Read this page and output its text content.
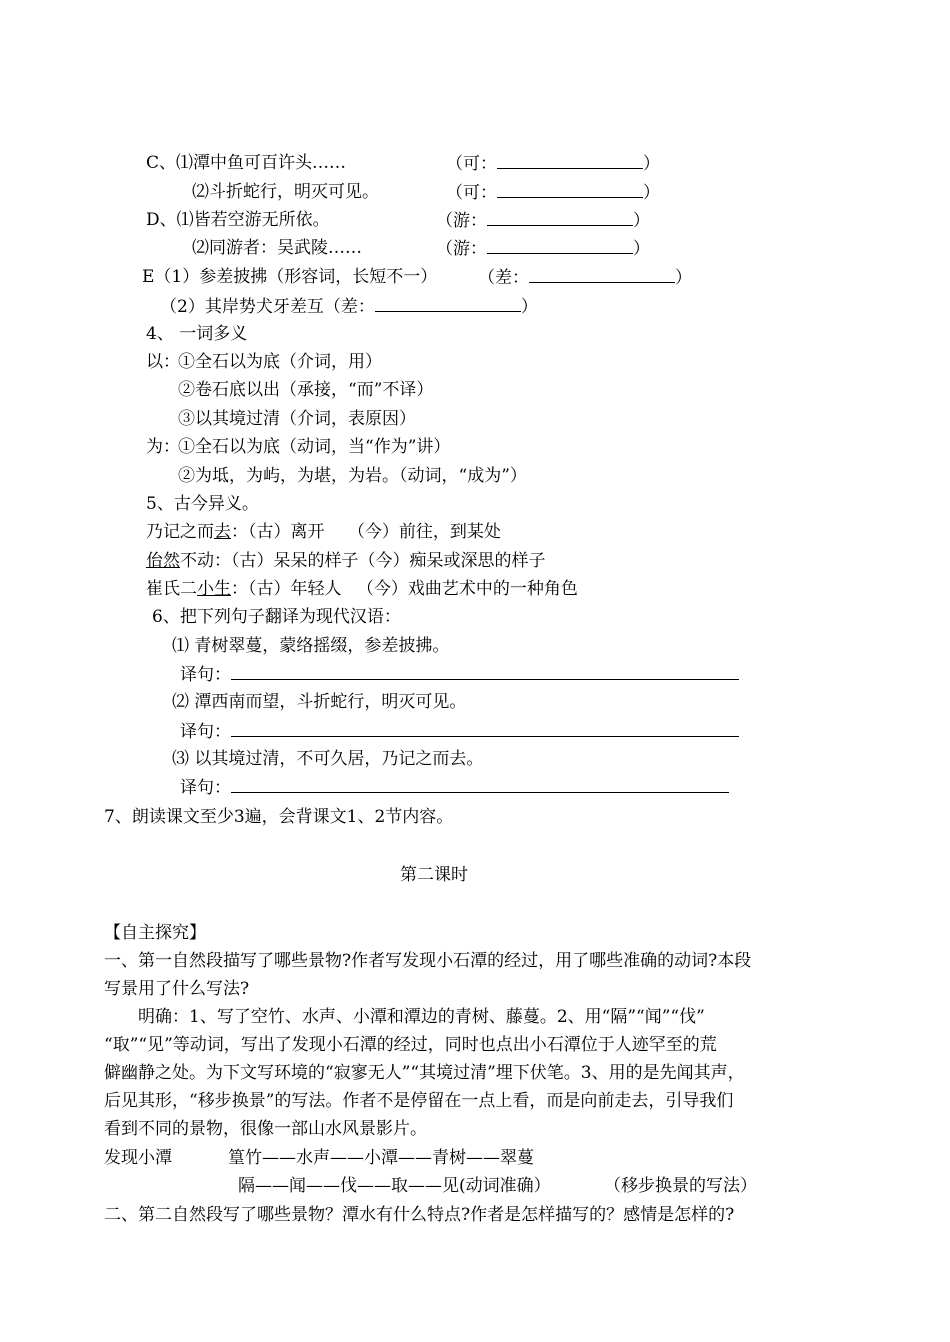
C、⑴潭中鱼可百许头……	（可：	）
⑵斗折蛇行，明灭可见。	（可：	）
D、⑴皆若空游无所依。	（游：	）
⑵同游者：吴武陵……	（游：	）
E（1）参差披拂（形容词，长短不一） （差：	）
（2）其岸势犬牙差互（差：	）
4、 一词多义
以：
①全石以为底（介词，用）
②卷石底以出（承接，“而”不译）
③以其境过清（介词，表原因）
为：
①全石以为底（动词，当“作为”讲）
②为坻，为屿，为堪，为岩。（动词，“成为”）
5、古今异义。
乃记之而去：（古）离开 （今）前往，到某处
佁然不动：（古）呆呆的样子（今）痴呆或深思的样子
崔氏二小生：（古）年轻人 （今）戏曲艺术中的一种角色
6、把下列句子翻译为现代汉语：
⑴ 青树翠蔓，蒙络摇缀，参差披拂。
译句：
⑵ 潭西南而望，斗折蛇行，明灭可见。
译句：
⑶ 以其境过清，不可久居，乃记之而去。
译句：
7、朗读课文至少3遍，会背课文1、2节内容。
第二课时
【自主探究】
一、第一自然段描写了哪些景物?作者写发现小石潭的经过，用了哪些准确的动词?本段
写景用了什么写法?
明确：1、写了空竹、水声、小潭和潭边的青树、藤蔓。2、用“隔”“闻”“伐”
“取”“见”等动词，写出了发现小石潭的经过，同时也点出小石潭位于人迹罕至的荒
僻幽静之处。为下文写环境的“寂寥无人”“其境过清”埋下伏笔。3、用的是先闻其声，
后见其形，“移步换景”的写法。作者不是停留在一点上看，而是向前走去，引导我们
看到不同的景物，很像一部山水风景影片。
发现小潭	篁竹——水声——小潭——青树——翠蔓
隔——闻——伐——取——见(动词准确）	（移步换景的写法）
二、第二自然段写了哪些景物？潭水有什么特点?作者是怎样描写的？感情是怎样的?
